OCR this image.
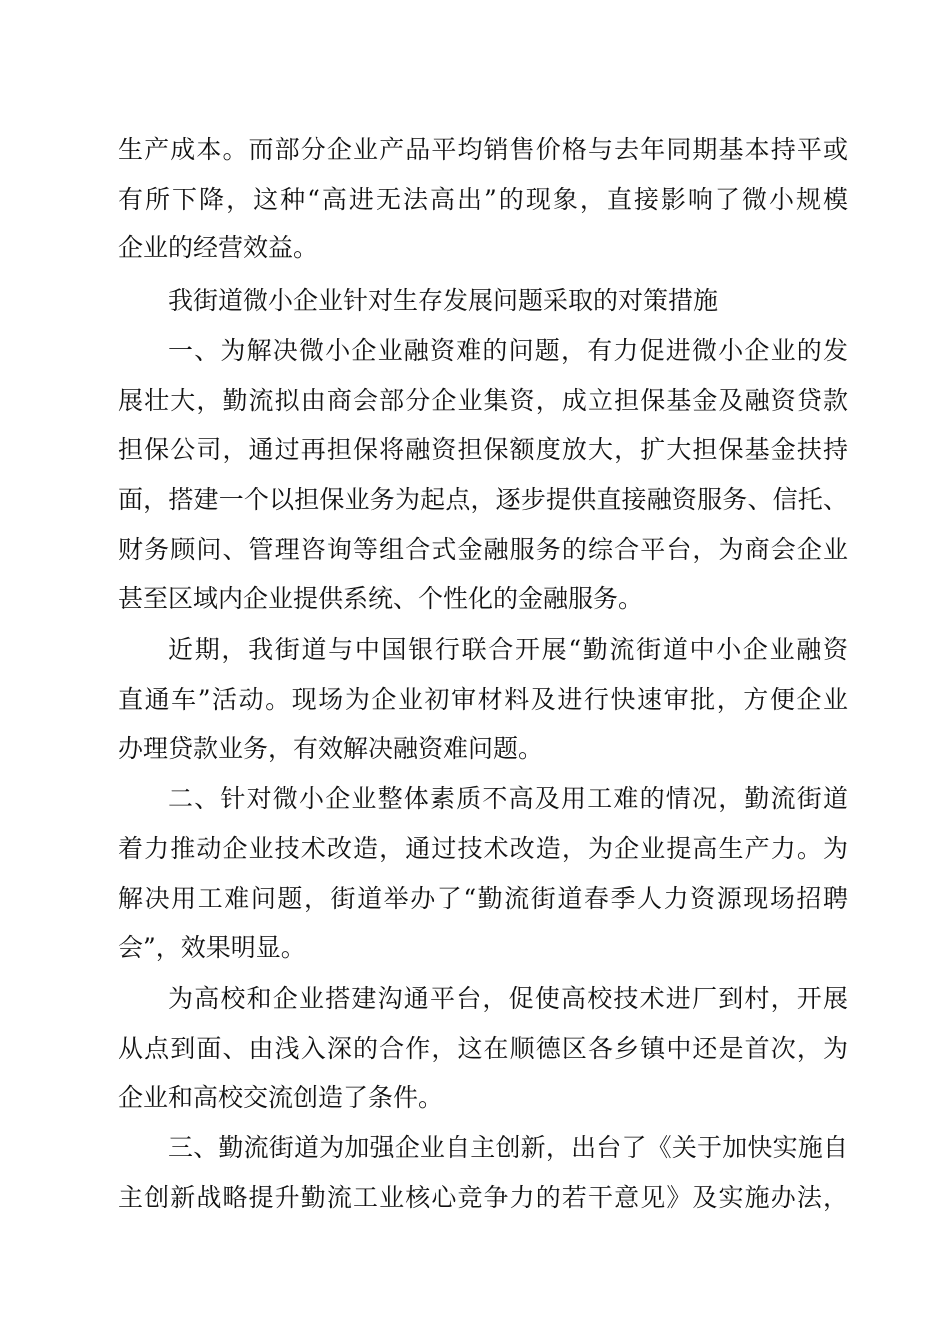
生产成本。而部分企业产品平均销售价格与去年同期基本持平或
有所下降，这种“高进无法高出”的现象，直接影响了微小规模
企业的经营效益。
我街道微小企业针对生存发展问题采取的对策措施
一、为解决微小企业融资难的问题，有力促进微小企业的发
展壮大，勤流拟由商会部分企业集资，成立担保基金及融资贷款
担保公司，通过再担保将融资担保额度放大，扩大担保基金扶持
面，搭建一个以担保业务为起点，逐步提供直接融资服务、信托、
财务顾问、管理咨询等组合式金融服务的综合平台，为商会企业
甚至区域内企业提供系统、个性化的金融服务。
近期，我街道与中国银行联合开展“勤流街道中小企业融资
直通车”活动。现场为企业初审材料及进行快速审批，方便企业
办理贷款业务，有效解决融资难问题。
二、针对微小企业整体素质不高及用工难的情况，勤流街道
着力推动企业技术改造，通过技术改造，为企业提高生产力。为
解决用工难问题，街道举办了“勤流街道春季人力资源现场招聘
会”，效果明显。
为高校和企业搭建沟通平台，促使高校技术进厂到村，开展
从点到面、由浅入深的合作，这在顺德区各乡镇中还是首次，为
企业和高校交流创造了条件。
三、勤流街道为加强企业自主创新，出台了《关于加快实施自
主创新战略提升勤流工业核心竞争力的若干意见》及实施办法，
